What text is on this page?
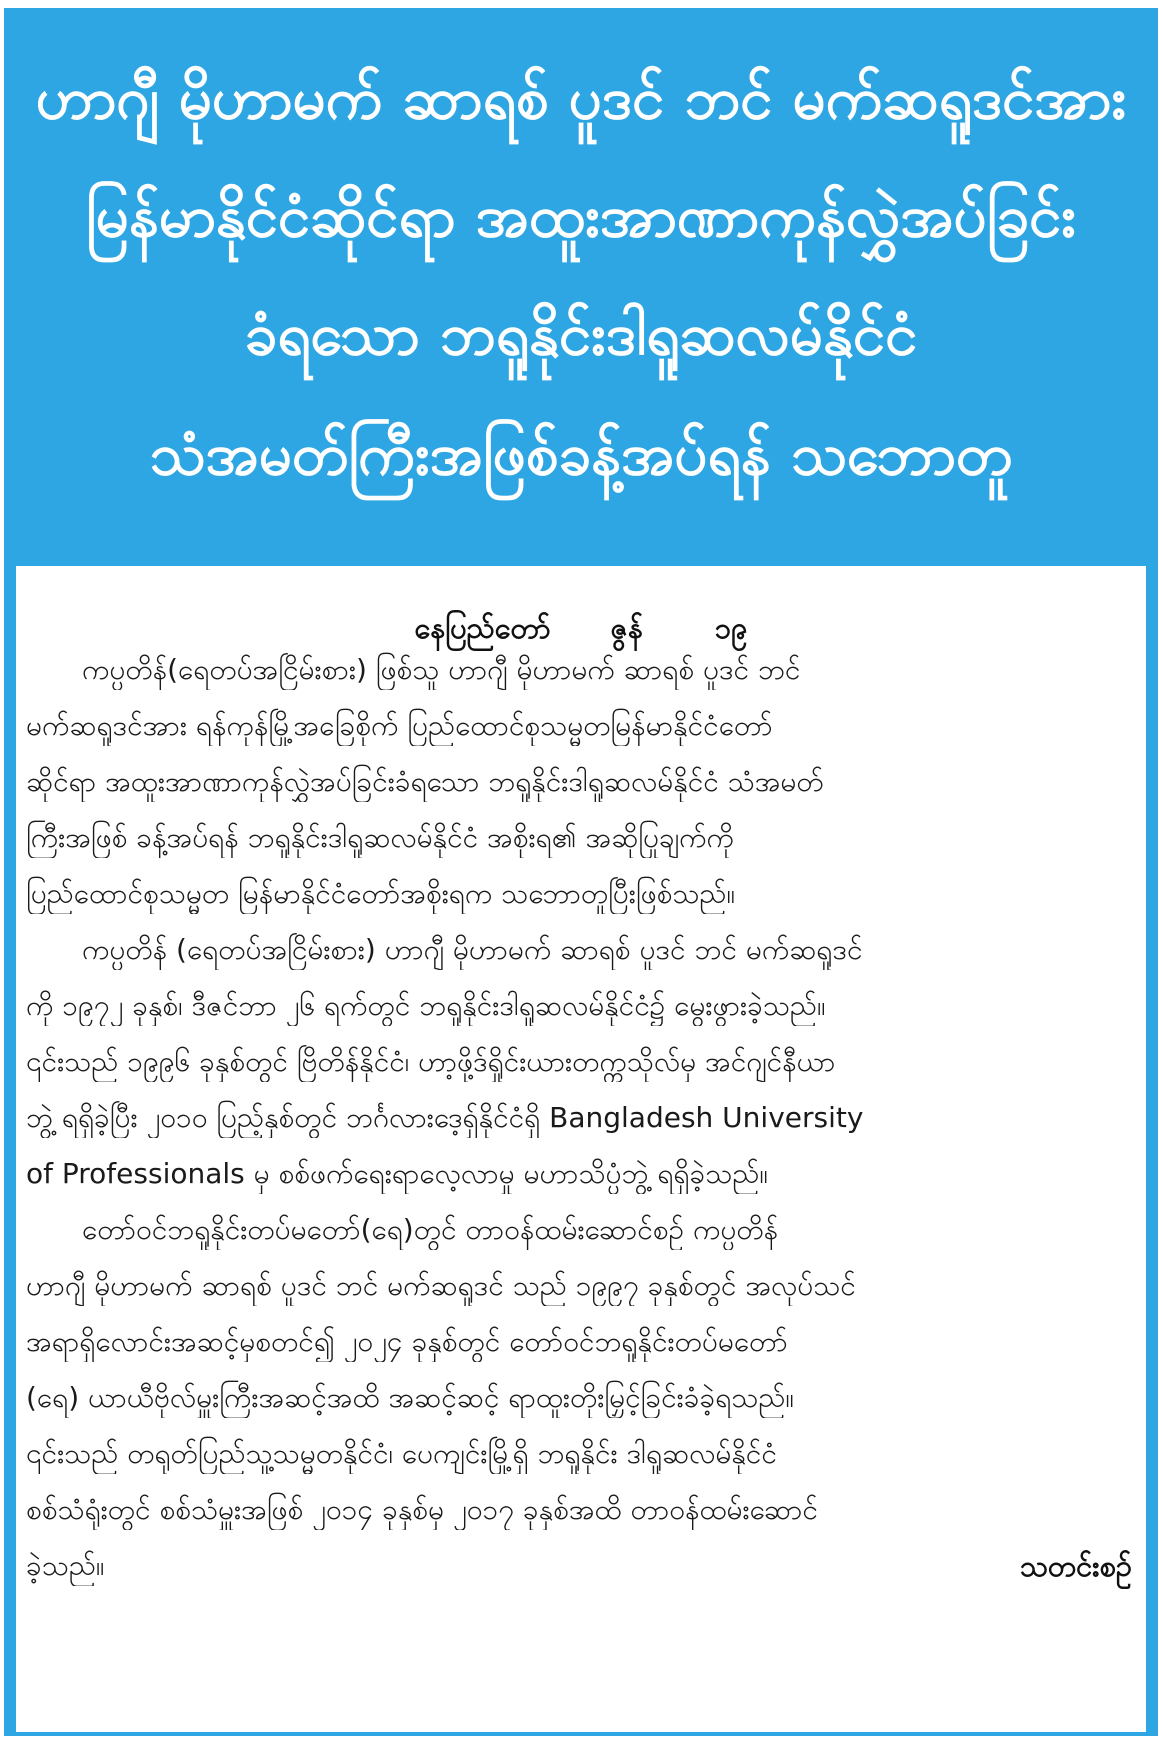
ဟာဂျီ မိုဟာမက် ဆာရစ် ပူဒင် ဘင် မက်ဆရူဒင်အား
မြန်မာနိုင်ငံဆိုင်ရာ အထူးအာဏာကုန်လွှဲအပ်ခြင်း
ခံရသော ဘရူနိုင်းဒါရူဆလမ်နိုင်ငံ
သံအမတ်ကြီးအဖြစ်ခန့်အပ်ရန် သဘောတူ
နေပြည်တော် ဇွန် ၁၉
ကပ္ပတိန်(ရေတပ်အငြိမ်းစား) ဖြစ်သူ ဟာဂျီ မိုဟာမက် ဆာရစ် ပူဒင် ဘင်
မက်ဆရူဒင်အား ရန်ကုန်မြို့အခြေစိုက် ပြည်ထောင်စုသမ္မတမြန်မာနိုင်ငံတော်
ဆိုင်ရာ အထူးအာဏာကုန်လွှဲအပ်ခြင်းခံရသော ဘရူနိုင်းဒါရူဆလမ်နိုင်ငံ သံအမတ်
ကြီးအဖြစ် ခန့်အပ်ရန် ဘရူနိုင်းဒါရူဆလမ်နိုင်ငံ အစိုးရ၏ အဆိုပြုချက်ကို
ပြည်ထောင်စုသမ္မတ မြန်မာနိုင်ငံတော်အစိုးရက သဘောတူပြီးဖြစ်သည်။
ကပ္ပတိန် (ရေတပ်အငြိမ်းစား) ဟာဂျီ မိုဟာမက် ဆာရစ် ပူဒင် ဘင် မက်ဆရူဒင်
ကို ၁၉၇၂ ခုနှစ်၊ ဒီဇင်ဘာ ၂၆ ရက်တွင် ဘရူနိုင်းဒါရူဆလမ်နိုင်ငံ၌ မွေးဖွားခဲ့သည်။
၎င်းသည် ၁၉၉၆ ခုနှစ်တွင် ဗြိတိန်နိုင်ငံ၊ ဟာ့ဖို့ဒ်ရှိုင်းယားတက္ကသိုလ်မှ အင်ဂျင်နီယာ
ဘွဲ့ ရရှိခဲ့ပြီး ၂၀၁၀ ပြည့်နှစ်တွင် ဘင်္ဂလားဒေ့ရှ်နိုင်ငံရှိ Bangladesh University
of Professionals မှ စစ်ဖက်ရေးရာလေ့လာမှု မဟာသိပ္ပံဘွဲ့ ရရှိခဲ့သည်။
တော်ဝင်ဘရူနိုင်းတပ်မတော်(ရေ)တွင် တာဝန်ထမ်းဆောင်စဉ် ကပ္ပတိန်
ဟာဂျီ မိုဟာမက် ဆာရစ် ပူဒင် ဘင် မက်ဆရူဒင် သည် ၁၉၉၇ ခုနှစ်တွင် အလုပ်သင်
အရာရှိလောင်းအဆင့်မှစတင်၍ ၂၀၂၄ ခုနှစ်တွင် တော်ဝင်ဘရူနိုင်းတပ်မတော်
(ရေ) ယာယီဗိုလ်မှူးကြီးအဆင့်အထိ အဆင့်ဆင့် ရာထူးတိုးမြှင့်ခြင်းခံခဲ့ရသည်။
၎င်းသည် တရုတ်ပြည်သူ့သမ္မတနိုင်ငံ၊ ပေကျင်းမြို့ရှိ ဘရူနိုင်း ဒါရူဆလမ်နိုင်ငံ
စစ်သံရုံးတွင် စစ်သံမှူးအဖြစ် ၂၀၁၄ ခုနှစ်မှ ၂၀၁၇ ခုနှစ်အထိ တာဝန်ထမ်းဆောင်
ခဲ့သည်။	သတင်းစဉ်
